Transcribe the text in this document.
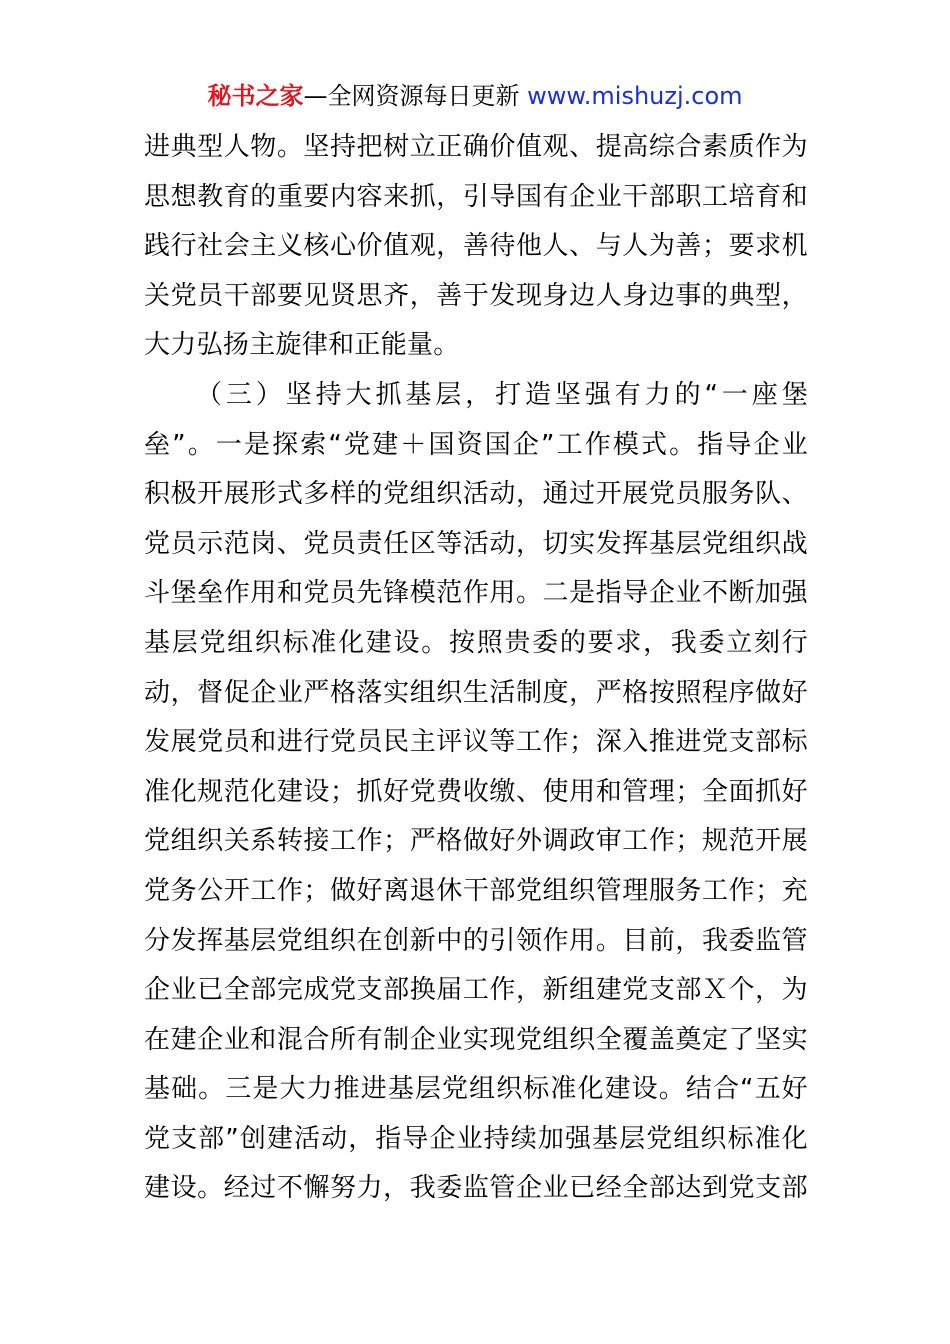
秘书之家—全网资源每日更新 www.mishuzj.com
进典型人物。坚持把树立正确价值观、提高综合素质作为
思想教育的重要内容来抓，引导国有企业干部职工培育和
践行社会主义核心价值观，善待他人、与人为善；要求机
关党员干部要见贤思齐，善于发现身边人身边事的典型，
大力弘扬主旋律和正能量。
（三）坚持大抓基层，打造坚强有力的“一座堡
垒”。一是探索“党建＋国资国企”工作模式。指导企业
积极开展形式多样的党组织活动，通过开展党员服务队、
党员示范岗、党员责任区等活动，切实发挥基层党组织战
斗堡垒作用和党员先锋模范作用。二是指导企业不断加强
基层党组织标准化建设。按照贵委的要求，我委立刻行
动，督促企业严格落实组织生活制度，严格按照程序做好
发展党员和进行党员民主评议等工作；深入推进党支部标
准化规范化建设；抓好党费收缴、使用和管理；全面抓好
党组织关系转接工作；严格做好外调政审工作；规范开展
党务公开工作；做好离退休干部党组织管理服务工作；充
分发挥基层党组织在创新中的引领作用。目前，我委监管
企业已全部完成党支部换届工作，新组建党支部Ｘ个，为
在建企业和混合所有制企业实现党组织全覆盖奠定了坚实
基础。三是大力推进基层党组织标准化建设。结合“五好
党支部”创建活动，指导企业持续加强基层党组织标准化
建设。经过不懈努力，我委监管企业已经全部达到党支部
